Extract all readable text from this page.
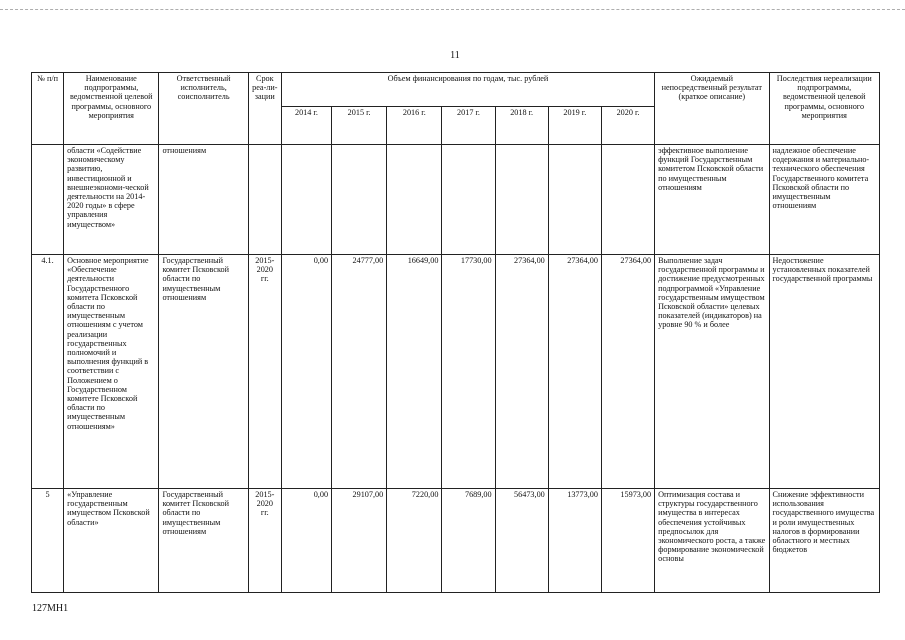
11
№ п/п	Наименование подпрограммы, ведомственной целевой программы, основного мероприятия	Ответственный исполнитель, соисполнитель	Срок реа-ли-зации	Объем финансирования по годам, тыс. рублей							Ожидаемый непосредственный результат (краткое описание)	Последствия нереализации подпрограммы, ведомственной целевой программы, основного мероприятия
				2014 г.	2015 г.	2016 г.	2017 г.	2018 г.	2019 г.	2020 г.		
	области «Содействие экономическому развитию, инвестиционной и внешнеэкономи-ческой деятельности на 2014-2020 годы» в сфере управления имуществом»	отношениям									эффективное выполнение функций Государственным комитетом Псковской области по имущественным отношениям	надлежное обеспечение содержания и материально-технического обеспечения Государственного комитета Псковской области по имущественным отношениям
4.1.	Основное мероприятие «Обеспечение деятельности Государственного комитета Псковской области по имущественным отношениям с учетом реализации государственных полномочий и выполнения функций в соответствии с Положением о Государственном комитете Псковской области по имущественным отношениям»	Государственный комитет Псковской области по имущественным отношениям	2015-2020 гг.	0,00	24777,00	16649,00	17730,00	27364,00	27364,00	27364,00	Выполнение задач государственной программы и достижение предусмотренных подпрограммой «Управление государственным имуществом Псковской области» целевых показателей (индикаторов) на уровне 90 % и более	Недостижение установленных показателей государственной программы
5	«Управление государственным имуществом Псковской области»	Государственный комитет Псковской области по имущественным отношениям	2015-2020 гг.	0,00	29107,00	7220,00	7689,00	56473,00	13773,00	15973,00	Оптимизация состава и структуры государственного имущества в интересах обеспечения устойчивых предпосылок для экономического роста, а также формирование экономической основы	Снижение эффективности использования государственного имущества и роли имущественных налогов в формировании областного и местных бюджетов
127МН1
